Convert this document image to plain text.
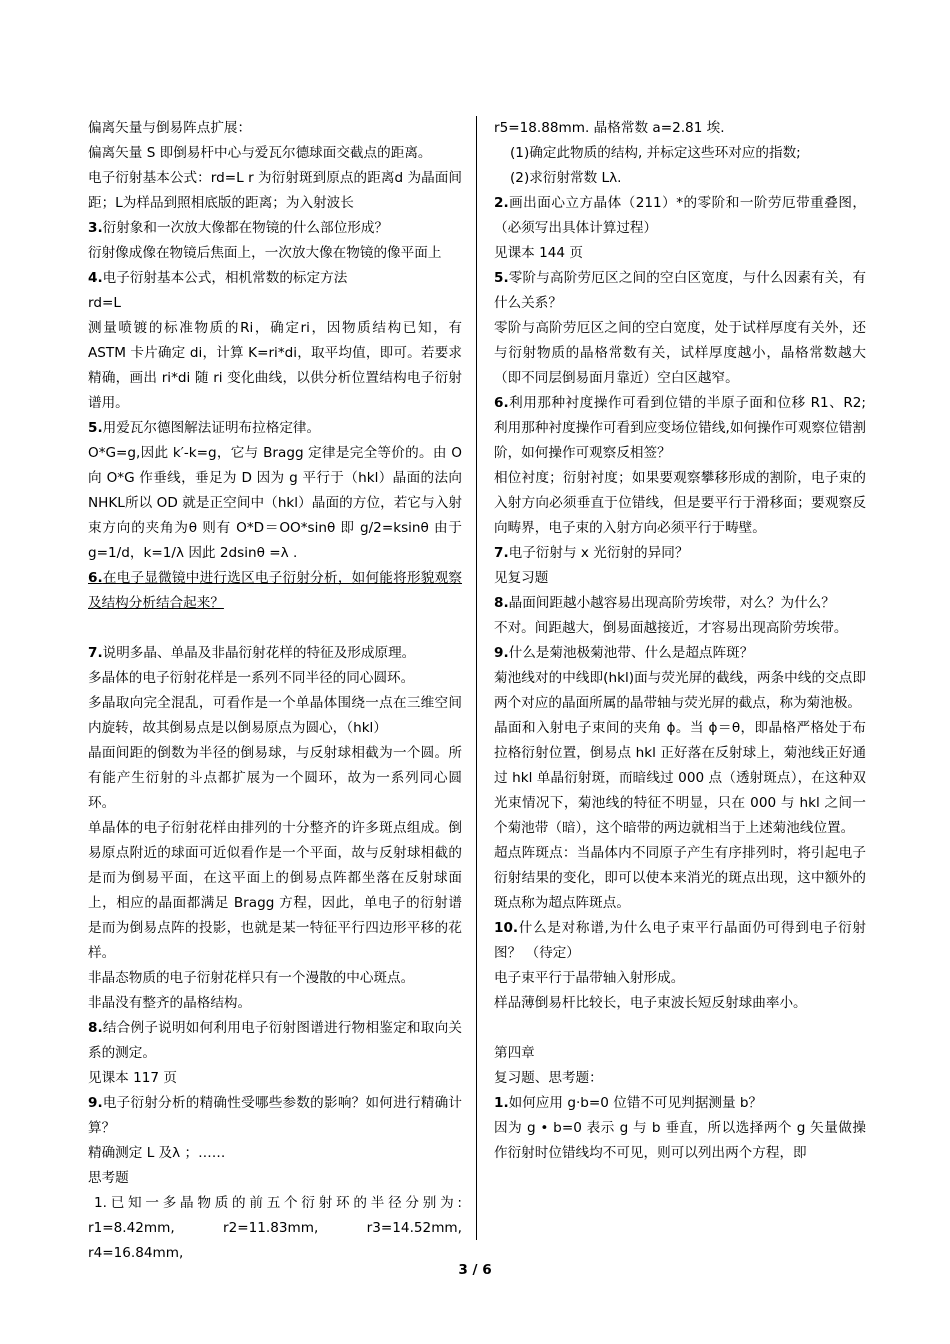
偏离矢量与倒易阵点扩展：

偏离矢量 S 即倒易杆中心与爱瓦尔德球面交截点的距离。

电子衍射基本公式：rd=L r 为衍射斑到原点的距离d 为晶面间距；L为样品到照相底版的距离；为入射波长

3.衍射象和一次放大像都在物镜的什么部位形成？

衍射像成像在物镜后焦面上，一次放大像在物镜的像平面上

4.电子衍射基本公式，相机常数的标定方法

rd=L

测量喷镀的标准物质的Ri，确定ri，因物质结构已知，有 ASTM 卡片确定 di，计算 K=ri*di，取平均值，即可。若要求精确，画出 ri*di 随 ri 变化曲线，以供分析位置结构电子衍射谱用。

5.用爱瓦尔德图解法证明布拉格定律。

O*G=g,因此 k′-k=g，它与 Bragg 定律是完全等价的。由 O 向 O*G 作垂线，垂足为 D 因为 g 平行于（hkl）晶面的法向 NHKL所以 OD 就是正空间中（hkl）晶面的方位，若它与入射束方向的夹角为θ 则有 O*D＝OO*sinθ 即 g/2=ksinθ 由于 g=1/d，k=1/λ 因此 2dsinθ =λ .

6.在电子显微镜中进行选区电子衍射分析，如何能将形貌观察及结构分析结合起来？

7.说明多晶、单晶及非晶衍射花样的特征及形成原理。

多晶体的电子衍射花样是一系列不同半径的同心圆环。

多晶取向完全混乱，可看作是一个单晶体围绕一点在三维空间内旋转，故其倒易点是以倒易原点为圆心，（hkl）

晶面间距的倒数为半径的倒易球，与反射球相截为一个圆。所有能产生衍射的斗点都扩展为一个圆环，故为一系列同心圆环。

单晶体的电子衍射花样由排列的十分整齐的许多斑点组成。倒易原点附近的球面可近似看作是一个平面，故与反射球相截的是而为倒易平面，在这平面上的倒易点阵都坐落在反射球面上，相应的晶面都满足 Bragg 方程，因此，单电子的衍射谱是而为倒易点阵的投影，也就是某一特征平行四边形平移的花样。

非晶态物质的电子衍射花样只有一个漫散的中心斑点。

非晶没有整齐的晶格结构。

8.结合例子说明如何利用电子衍射图谱进行物相鉴定和取向关系的测定。

见课本 117 页

9.电子衍射分析的精确性受哪些参数的影响？如何进行精确计算？

精确测定 L 及λ ；……

思考题

1.已知一多晶物质的前五个衍射环的半径分别为: r1=8.42mm, r2=11.83mm, r3=14.52mm, r4=16.84mm,

r5=18.88mm. 晶格常数 a=2.81 埃.

(1)确定此物质的结构, 并标定这些环对应的指数;

(2)求衍射常数 Lλ.

2.画出面心立方晶体（211）*的零阶和一阶劳厄带重叠图，（必须写出具体计算过程）

见课本 144 页

5.零阶与高阶劳厄区之间的空白区宽度，与什么因素有关，有什么关系？

零阶与高阶劳厄区之间的空白宽度，处于试样厚度有关外，还与衍射物质的晶格常数有关，试样厚度越小，晶格常数越大（即不同层倒易面月靠近）空白区越窄。

6.利用那种衬度操作可看到位错的半原子面和位移 R1、R2; 利用那种衬度操作可看到应变场位错线,如何操作可观察位错割阶，如何操作可观察反相签？

相位衬度；衍射衬度；如果要观察攀移形成的割阶，电子束的入射方向必须垂直于位错线，但是要平行于滑移面；要观察反向畴界，电子束的入射方向必须平行于畴壁。

7.电子衍射与 x 光衍射的异同？

见复习题

8.晶面间距越小越容易出现高阶劳埃带，对么？为什么？

不对。间距越大，倒易面越接近，才容易出现高阶劳埃带。

9.什么是菊池极菊池带、什么是超点阵斑？

菊池线对的中线即(hkl)面与荧光屏的截线，两条中线的交点即两个对应的晶面所属的晶带轴与荧光屏的截点，称为菊池极。

晶面和入射电子束间的夹角 ϕ。当 ϕ＝θ，即晶格严格处于布拉格衍射位置，倒易点 hkl 正好落在反射球上，菊池线正好通过 hkl 单晶衍射斑，而暗线过 000 点（透射斑点），在这种双光束情况下，菊池线的特征不明显，只在 000 与 hkl 之间一个菊池带（暗），这个暗带的两边就相当于上述菊池线位置。

超点阵斑点：当晶体内不同原子产生有序排列时，将引起电子衍射结果的变化，即可以使本来消光的斑点出现，这中额外的斑点称为超点阵斑点。

10.什么是对称谱,为什么电子束平行晶面仍可得到电子衍射图？ （待定）

电子束平行于晶带轴入射形成。

样品薄倒易杆比较长，电子束波长短反射球曲率小。

第四章

复习题、思考题：

1.如何应用 g·b=0 位错不可见判据测量 b？

因为 g • b=0 表示 g 与 b 垂直，所以选择两个 g 矢量做操作衍射时位错线均不可见，则可以列出两个方程，即

3 / 6
